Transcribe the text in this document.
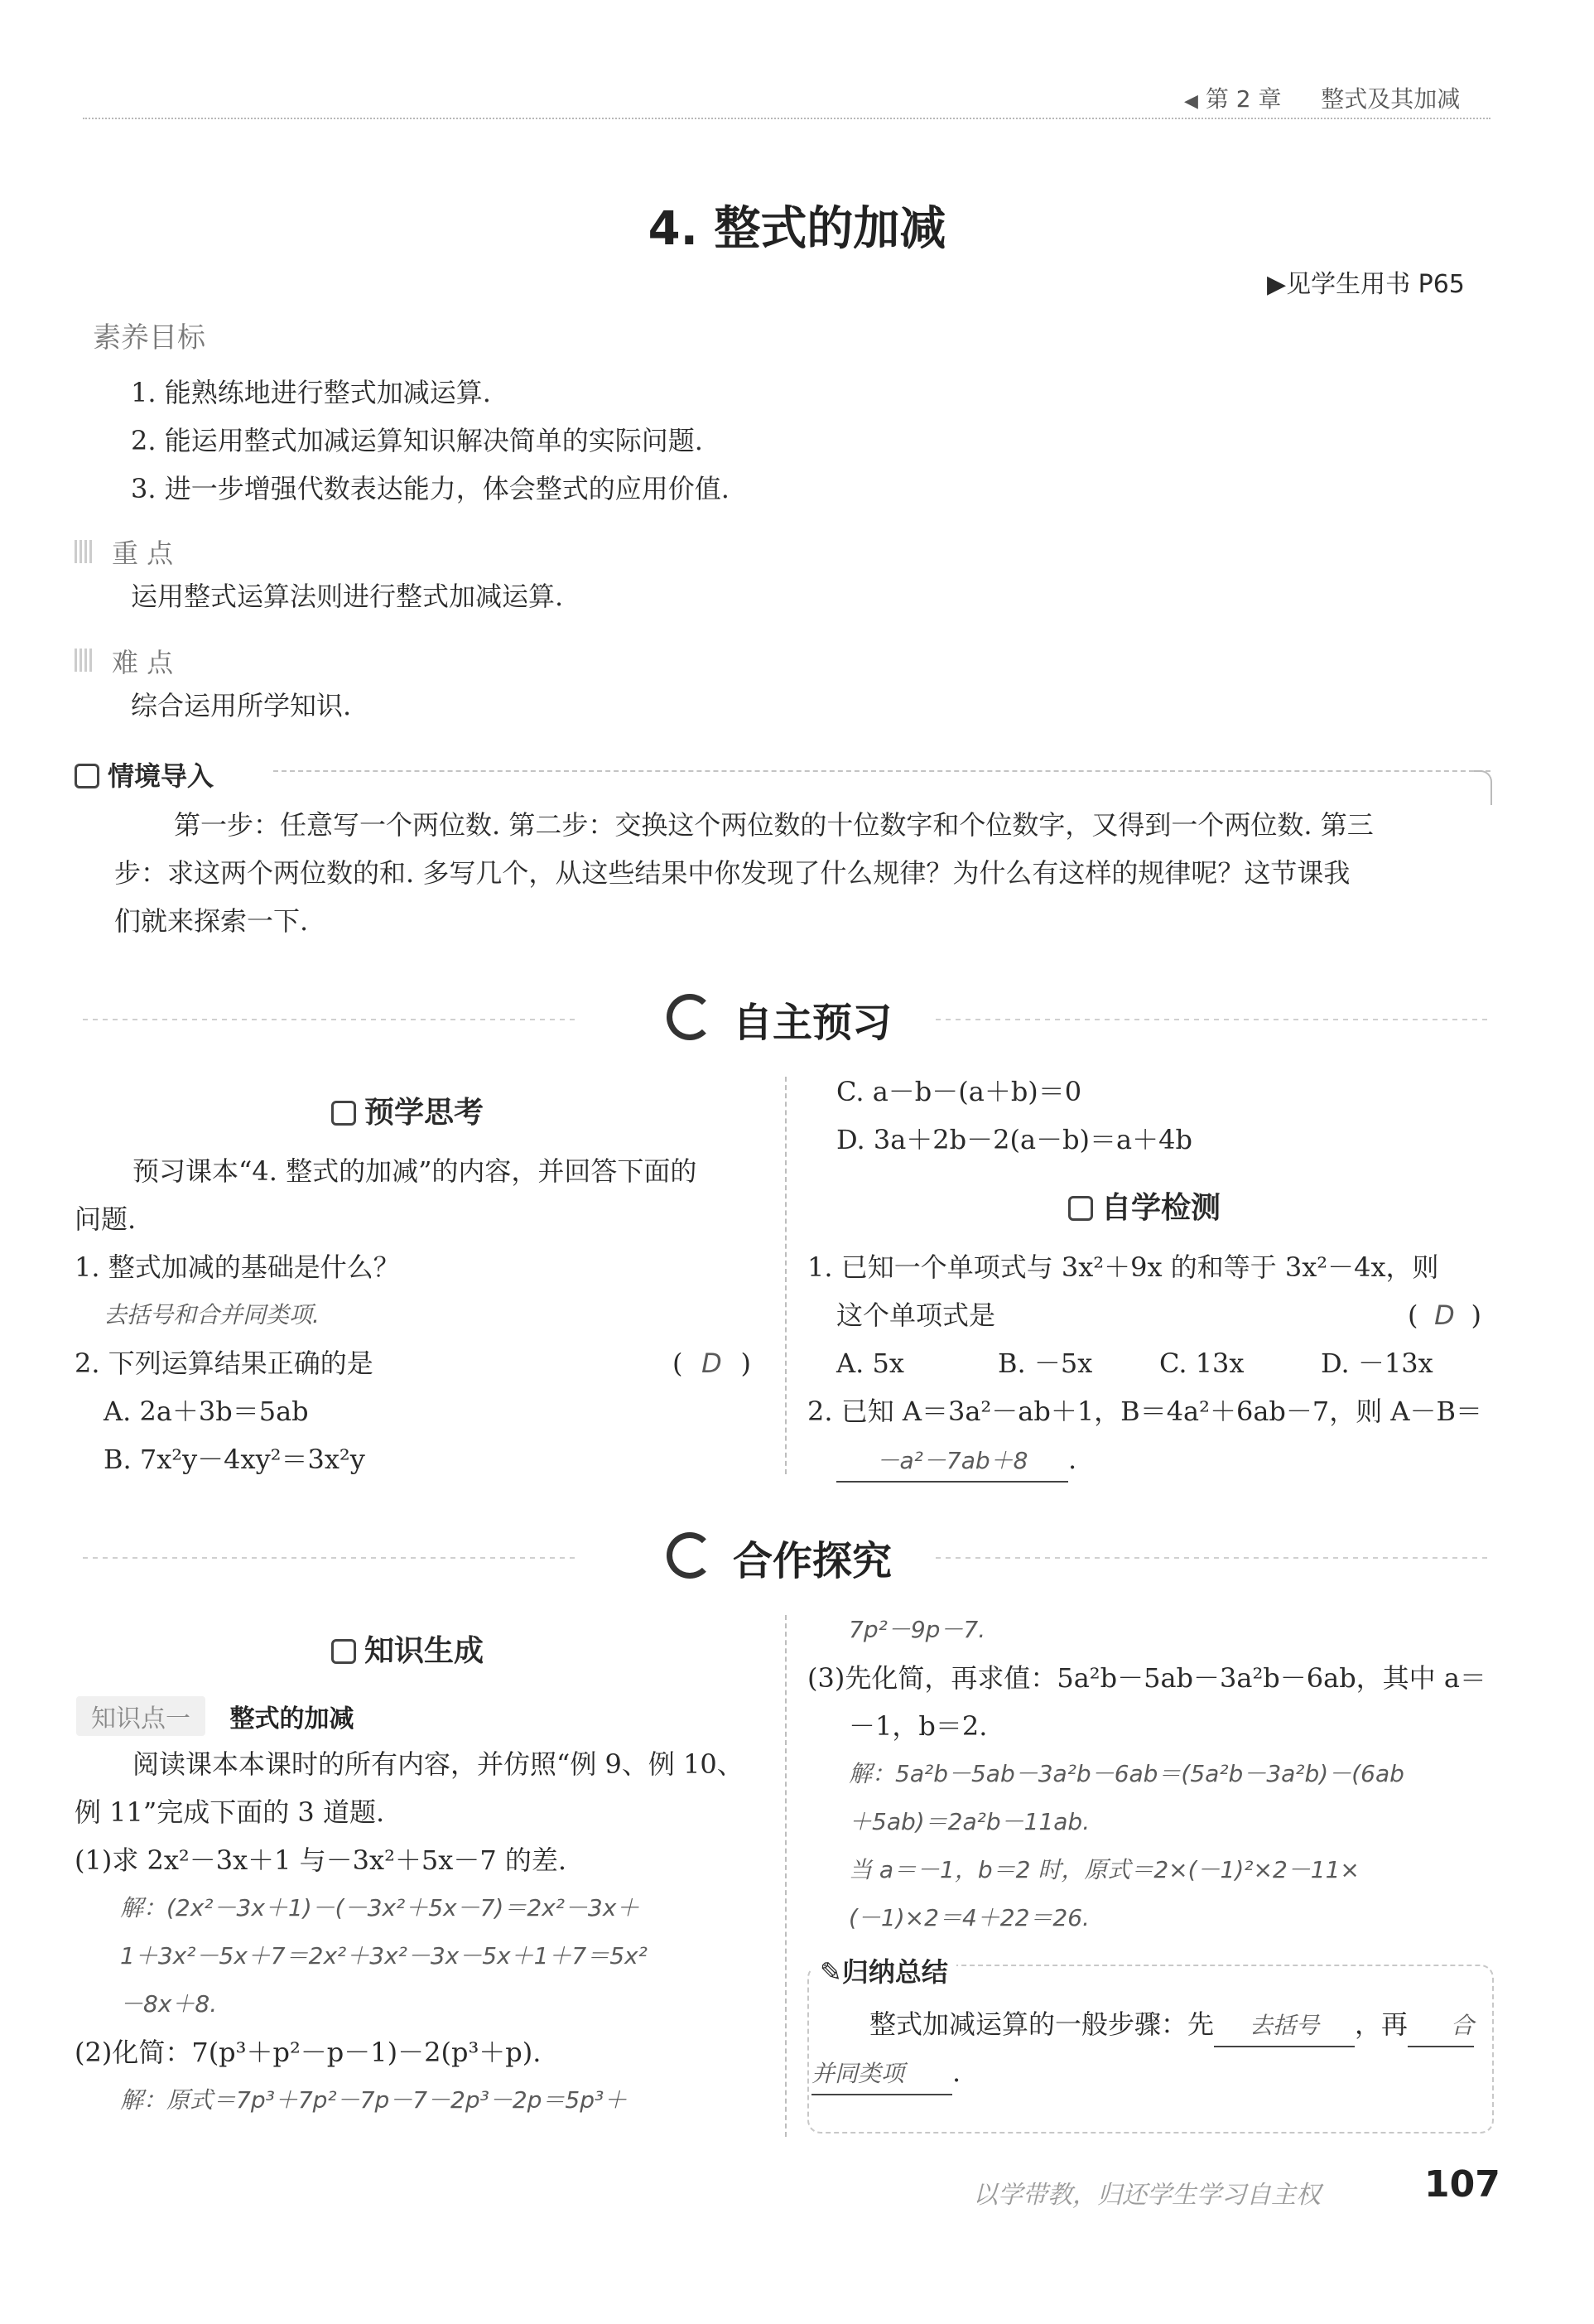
◀ 第 2 章 整式及其加减
4. 整式的加减
▶见学生用书 P65
素养目标
1. 能熟练地进行整式加减运算.
2. 能运用整式加减运算知识解决简单的实际问题.
3. 进一步增强代数表达能力，体会整式的应用价值.
重 点
运用整式运算法则进行整式加减运算.
难 点
综合运用所学知识.
情境导入
第一步：任意写一个两位数. 第二步：交换这个两位数的十位数字和个位数字，又得到一个两位数. 第三
步：求这两个两位数的和. 多写几个，从这些结果中你发现了什么规律？为什么有这样的规律呢？这节课我
们就来探索一下.
自主预习
预学思考
预习课本“4. 整式的加减”的内容，并回答下面的
问题.
1. 整式加减的基础是什么？
去括号和合并同类项.
2. 下列运算结果正确的是	( D )
A. 2a＋3b＝5ab
B. 7x²y－4xy²＝3x²y
C. a－b－(a＋b)＝0
D. 3a＋2b－2(a－b)＝a＋4b
自学检测
1. 已知一个单项式与 3x²＋9x 的和等于 3x²－4x，则
这个单项式是	( D )
A. 5x	B. －5x	C. 13x	D. －13x
2. 已知 A＝3a²－ab＋1，B＝4a²＋6ab－7，则 A－B＝
－a²－7ab＋8 .
合作探究
知识生成
知识点一 整式的加减
阅读课本本课时的所有内容，并仿照“例 9、例 10、
例 11”完成下面的 3 道题.
(1)求 2x²－3x＋1 与－3x²＋5x－7 的差.
解：(2x²－3x＋1)－(－3x²＋5x－7)＝2x²－3x＋
1＋3x²－5x＋7＝2x²＋3x²－3x－5x＋1＋7＝5x²
－8x＋8.
(2)化简：7(p³＋p²－p－1)－2(p³＋p).
解：原式＝7p³＋7p²－7p－7－2p³－2p＝5p³＋
7p²－9p－7.
(3)先化简，再求值：5a²b－5ab－3a²b－6ab，其中 a＝
－1，b＝2.
解：5a²b－5ab－3a²b－6ab＝(5a²b－3a²b)－(6ab
＋5ab)＝2a²b－11ab.
当 a＝－1，b＝2 时，原式＝2×(－1)²×2－11×
(－1)×2＝4＋22＝26.
✎归纳总结
整式加减运算的一般步骤：先 去括号 ，再 合
并同类项 .
以学带教，归还学生学习自主权	107
